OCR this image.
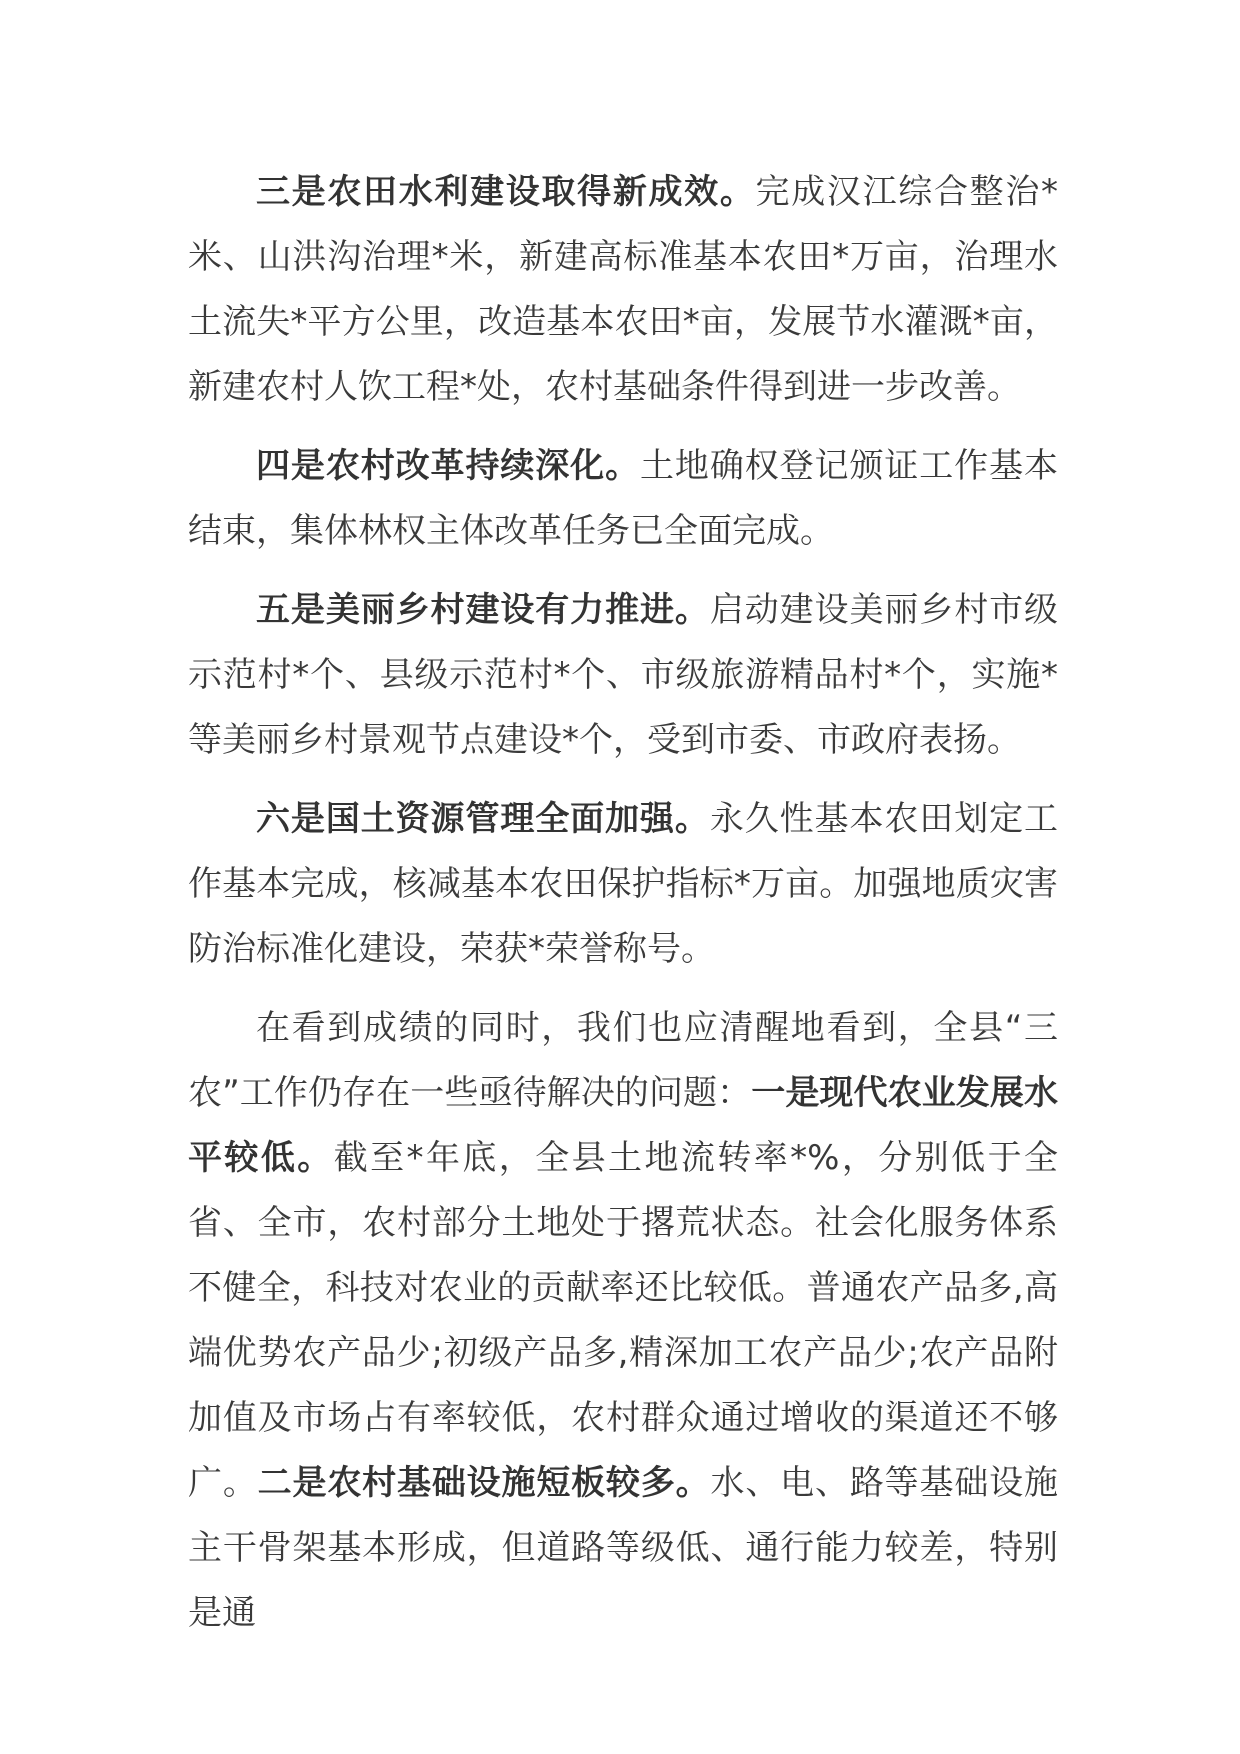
三是农田水利建设取得新成效。完成汉江综合整治*米、山洪沟治理*米，新建高标准基本农田*万亩，治理水土流失*平方公里，改造基本农田*亩，发展节水灌溉*亩，新建农村人饮工程*处，农村基础条件得到进一步改善。

四是农村改革持续深化。土地确权登记颁证工作基本结束，集体林权主体改革任务已全面完成。

五是美丽乡村建设有力推进。启动建设美丽乡村市级示范村*个、县级示范村*个、市级旅游精品村*个，实施*等美丽乡村景观节点建设*个，受到市委、市政府表扬。

六是国土资源管理全面加强。永久性基本农田划定工作基本完成，核减基本农田保护指标*万亩。加强地质灾害防治标准化建设，荣获*荣誉称号。

在看到成绩的同时，我们也应清醒地看到，全县“三农”工作仍存在一些亟待解决的问题：一是现代农业发展水平较低。截至*年底，全县土地流转率*%，分别低于全省、全市，农村部分土地处于撂荒状态。社会化服务体系不健全，科技对农业的贡献率还比较低。普通农产品多,高端优势农产品少;初级产品多,精深加工农产品少;农产品附加值及市场占有率较低，农村群众通过增收的渠道还不够广。二是农村基础设施短板较多。水、电、路等基础设施主干骨架基本形成，但道路等级低、通行能力较差，特别是通
